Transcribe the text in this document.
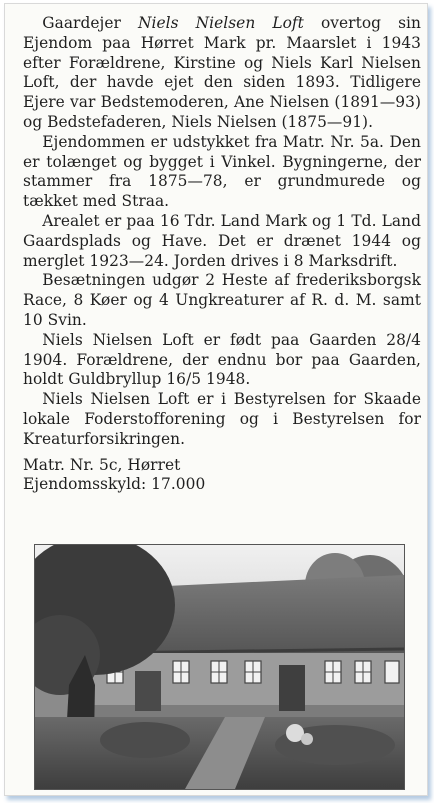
Gaardejer Niels Nielsen Loft overtog sin Ejendom paa Hørret Mark pr. Maarslet i 1943 efter Forældrene, Kirstine og Niels Karl Nielsen Loft, der havde ejet den siden 1893. Tidligere Ejere var Bedstemoderen, Ane Nielsen (1891—93) og Bedstefaderen, Niels Nielsen (1875—91).

Ejendommen er udstykket fra Matr. Nr. 5a. Den er tolænget og bygget i Vinkel. Bygningerne, der stammer fra 1875—78, er grundmurede og tækket med Straa.

Arealet er paa 16 Tdr. Land Mark og 1 Td. Land Gaardsplads og Have. Det er drænet 1944 og merglet 1923—24. Jorden drives i 8 Marksdrift.

Besætningen udgør 2 Heste af frederiksborgsk Race, 8 Køer og 4 Ungkreaturer af R. d. M. samt 10 Svin.

Niels Nielsen Loft er født paa Gaarden 28/4 1904. Forældrene, der endnu bor paa Gaarden, holdt Guldbryllup 16/5 1948.

Niels Nielsen Loft er i Bestyrelsen for Skaade lokale Foderstofforening og i Bestyrelsen for Kreaturforsikringen.

Matr. Nr. 5c, Hørret
Ejendomsskyld: 17.000
